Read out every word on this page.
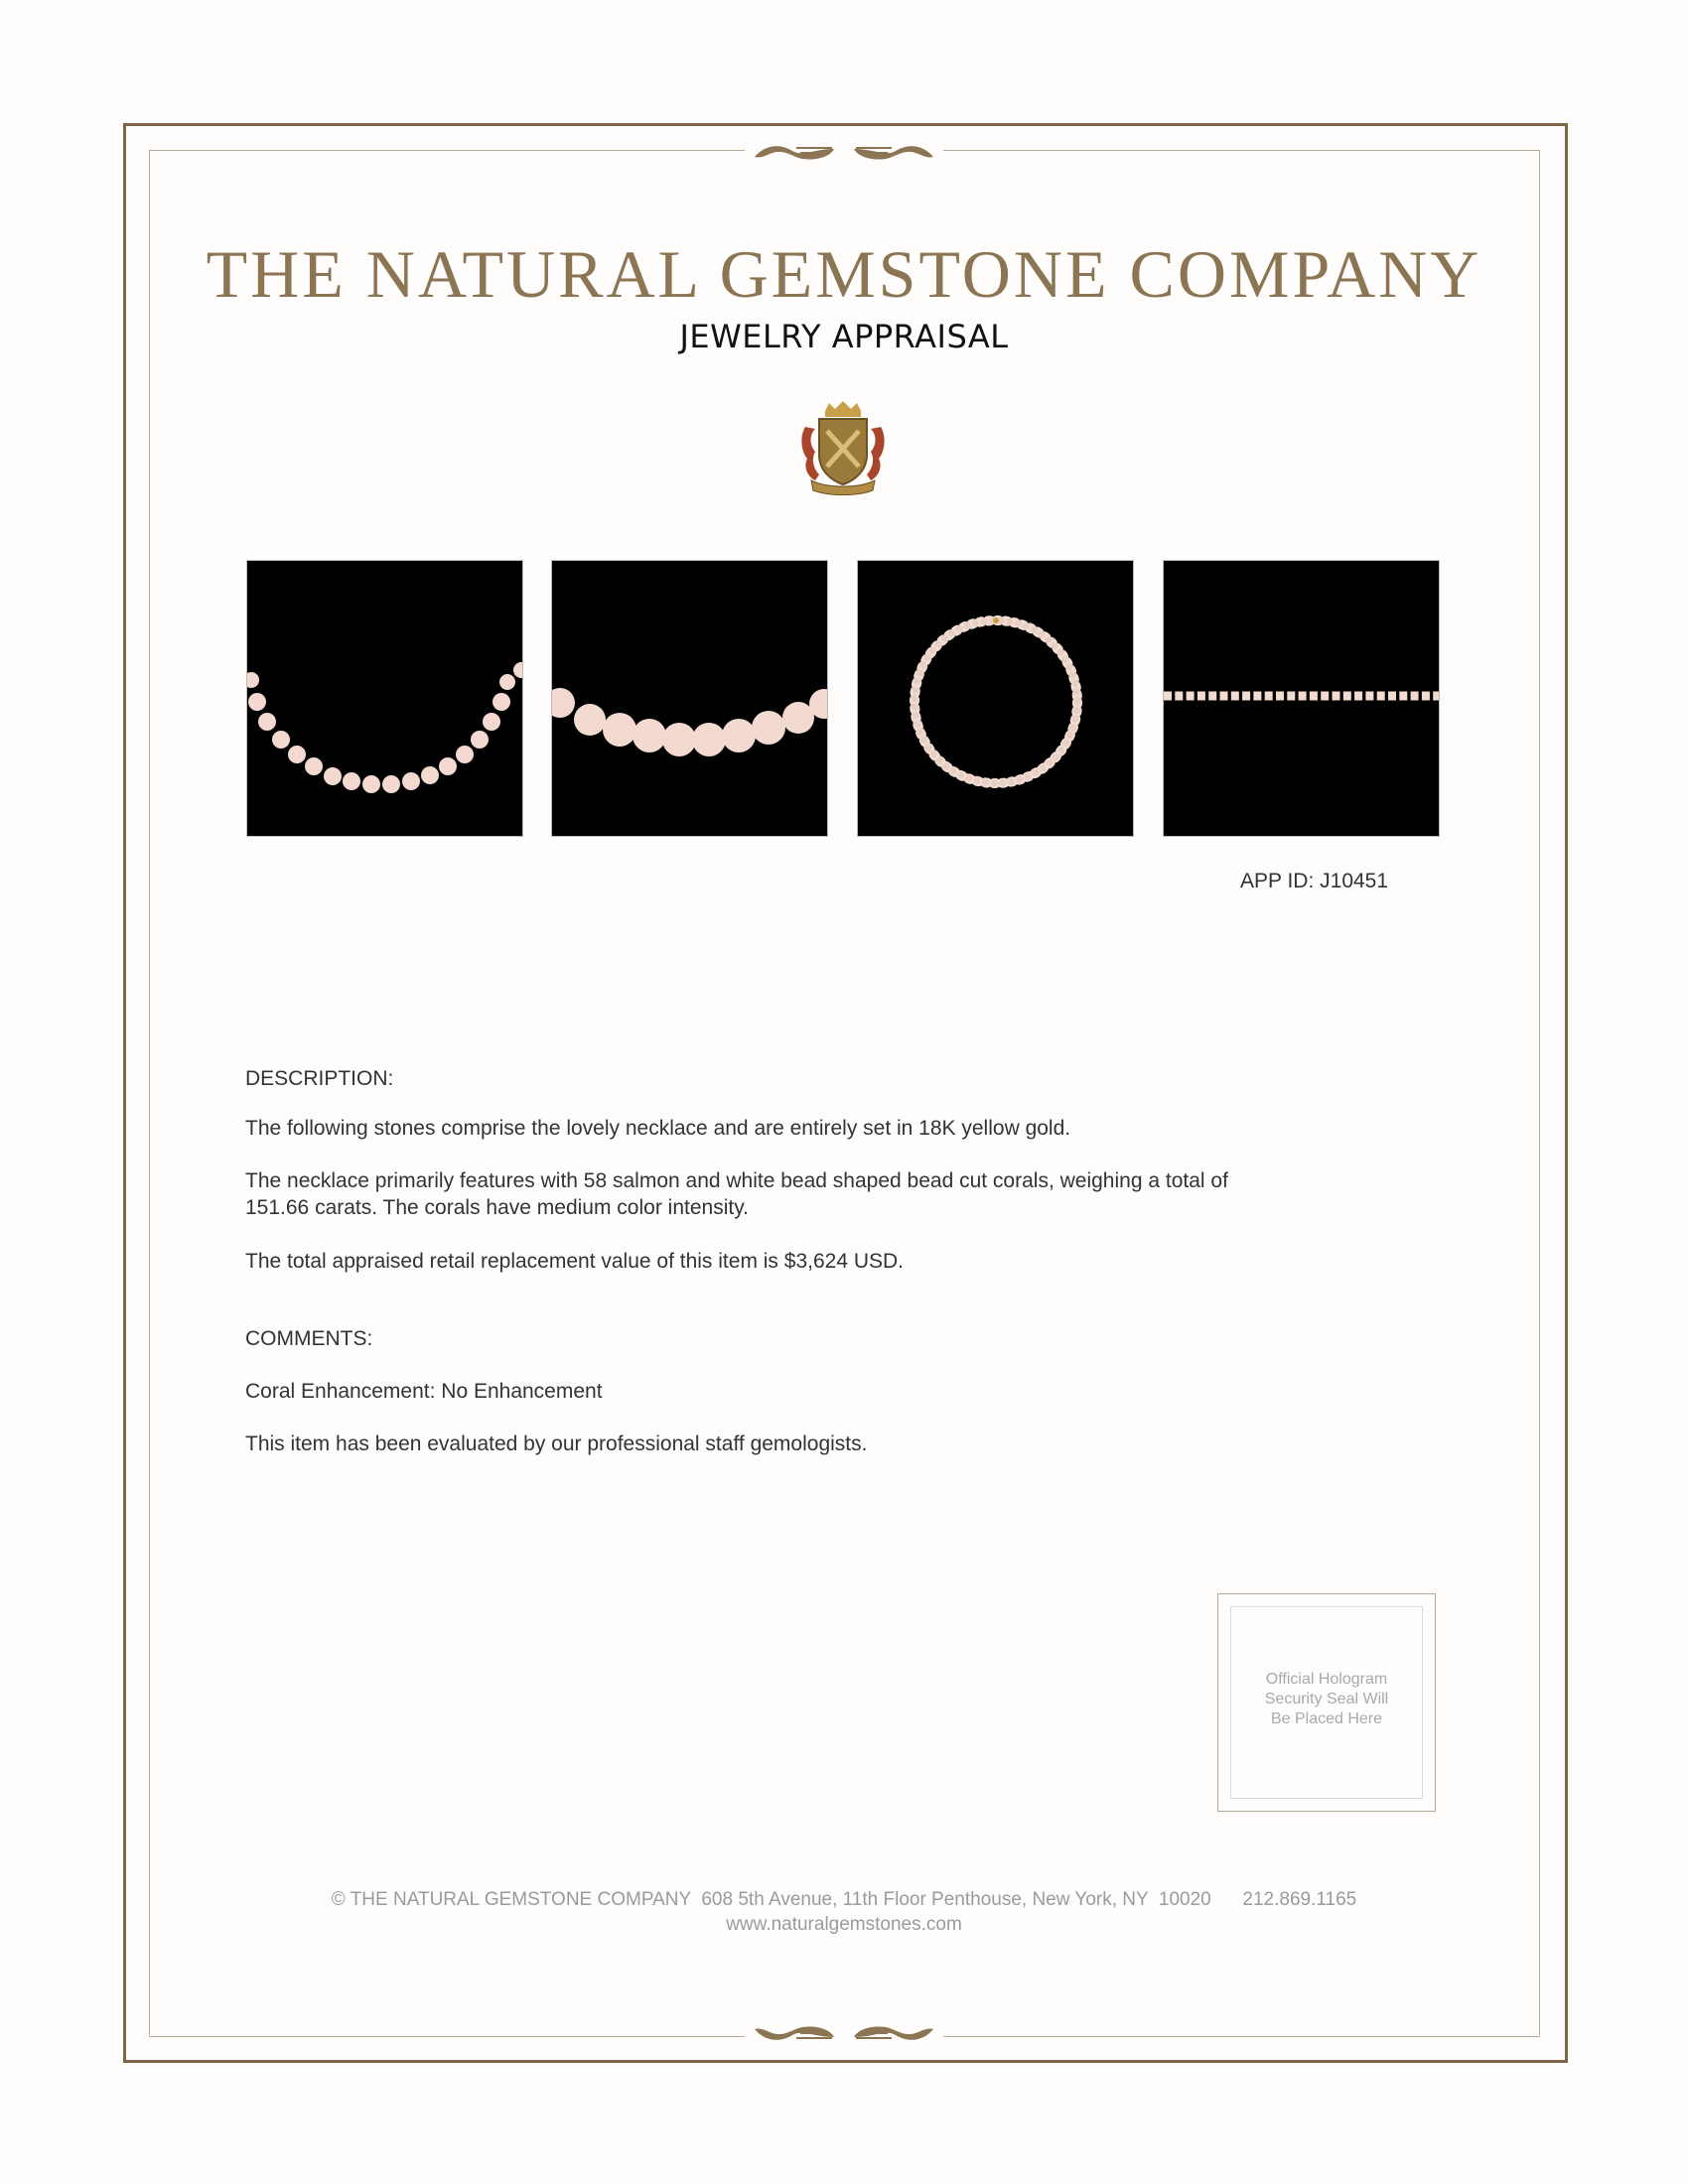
THE NATURAL GEMSTONE COMPANY
JEWELRY APPRAISAL
APP ID: J10451
DESCRIPTION:
The following stones comprise the lovely necklace and are entirely set in 18K yellow gold.
The necklace primarily features with 58 salmon and white bead shaped bead cut corals, weighing a total of
151.66 carats. The corals have medium color intensity.
The total appraised retail replacement value of this item is $3,624 USD.
COMMENTS:
Coral Enhancement: No Enhancement
This item has been evaluated by our professional staff gemologists.
Official Hologram
Security Seal Will
Be Placed Here
© THE NATURAL GEMSTONE COMPANY  608 5th Avenue, 11th Floor Penthouse, New York, NY  10020      212.869.1165
www.naturalgemstones.com
